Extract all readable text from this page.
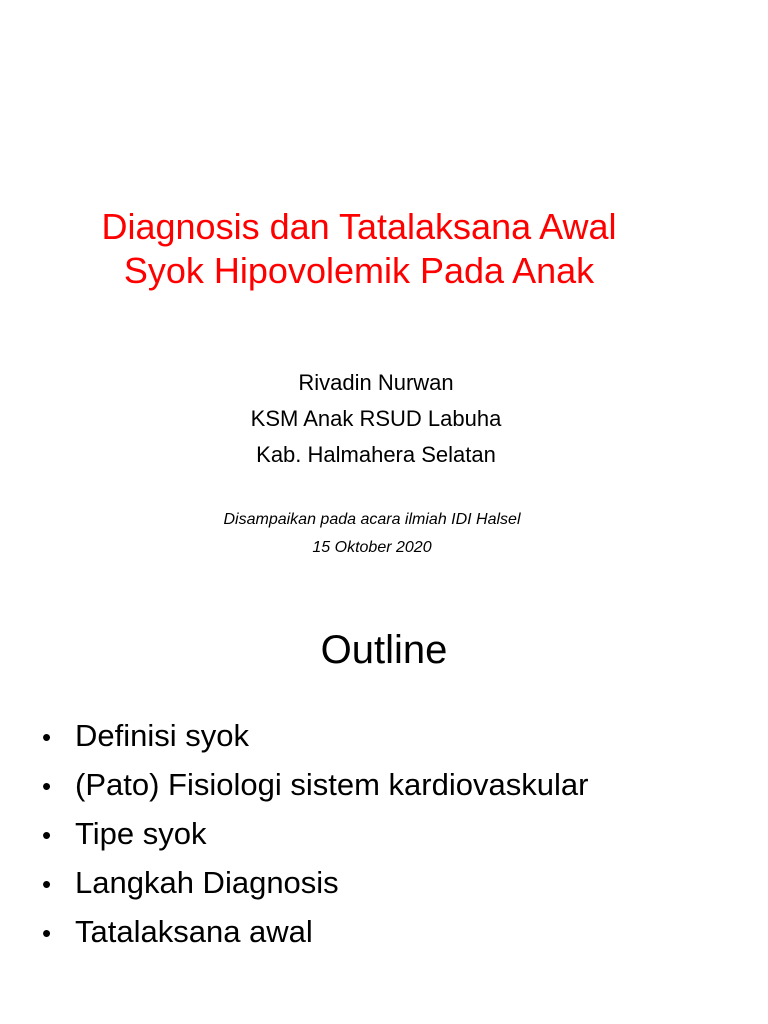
Diagnosis dan Tatalaksana Awal
Syok Hipovolemik Pada Anak
Rivadin Nurwan
KSM Anak RSUD Labuha
Kab. Halmahera Selatan
Disampaikan pada acara ilmiah IDI Halsel
15 Oktober 2020
Outline
• Definisi syok
• (Pato) Fisiologi sistem kardiovaskular
• Tipe syok
• Langkah Diagnosis
• Tatalaksana awal
